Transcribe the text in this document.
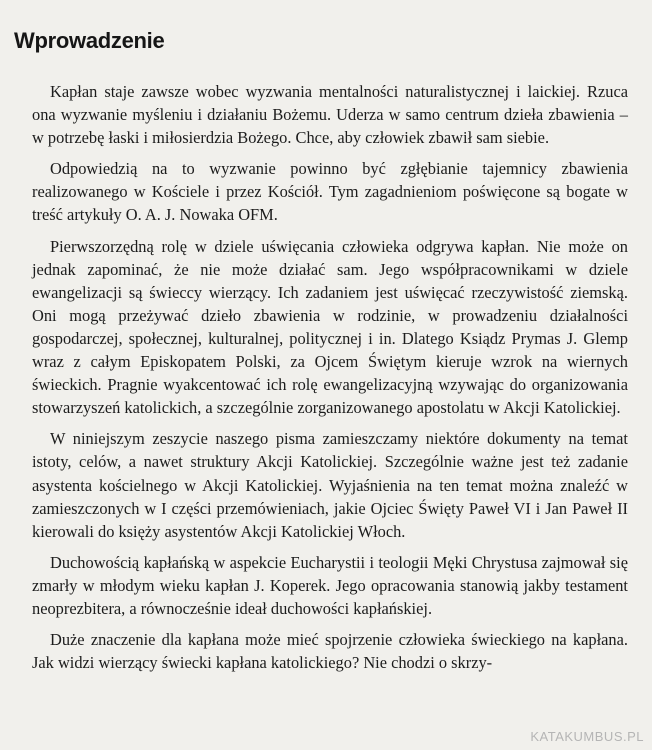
Wprowadzenie

Kapłan staje zawsze wobec wyzwania mentalności naturalistycznej i laickiej. Rzuca ona wyzwanie myśleniu i działaniu Bożemu. Uderza w samo centrum dzieła zbawienia – w potrzebę łaski i miłosierdzia Bożego. Chce, aby człowiek zbawił sam siebie.

Odpowiedzią na to wyzwanie powinno być zgłębianie tajemnicy zbawienia realizowanego w Kościele i przez Kościół. Tym zagadnieniom poświęcone są bogate w treść artykuły O. A. J. Nowaka OFM.

Pierwszorzędną rolę w dziele uświęcania człowieka odgrywa kapłan. Nie może on jednak zapominać, że nie może działać sam. Jego współpracownikami w dziele ewangelizacji są świeccy wierzący. Ich zadaniem jest uświęcać rzeczywistość ziemską. Oni mogą przeżywać dzieło zbawienia w rodzinie, w prowadzeniu działalności gospodarczej, społecznej, kulturalnej, politycznej i in. Dlatego Ksiądz Prymas J. Glemp wraz z całym Episkopatem Polski, za Ojcem Świętym kieruje wzrok na wiernych świeckich. Pragnie wyakcentować ich rolę ewangelizacyjną wzywając do organizowania stowarzyszeń katolickich, a szczególnie zorganizowanego apostolatu w Akcji Katolickiej.

W niniejszym zeszycie naszego pisma zamieszczamy niektóre dokumenty na temat istoty, celów, a nawet struktury Akcji Katolickiej. Szczególnie ważne jest też zadanie asystenta kościelnego w Akcji Katolickiej. Wyjaśnienia na ten temat można znaleźć w zamieszczonych w I części przemówieniach, jakie Ojciec Święty Paweł VI i Jan Paweł II kierowali do księży asystentów Akcji Katolickiej Włoch.

Duchowością kapłańską w aspekcie Eucharystii i teologii Męki Chrystusa zajmował się zmarły w młodym wieku kapłan J. Koperek. Jego opracowania stanowią jakby testament neoprezbitera, a równocześnie ideał duchowości kapłańskiej.

Duże znaczenie dla kapłana może mieć spojrzenie człowieka świeckiego na kapłana. Jak widzi wierzący świecki kapłana katolickiego? Nie chodzi o skrzy-

KATAKUMBUS.PL
